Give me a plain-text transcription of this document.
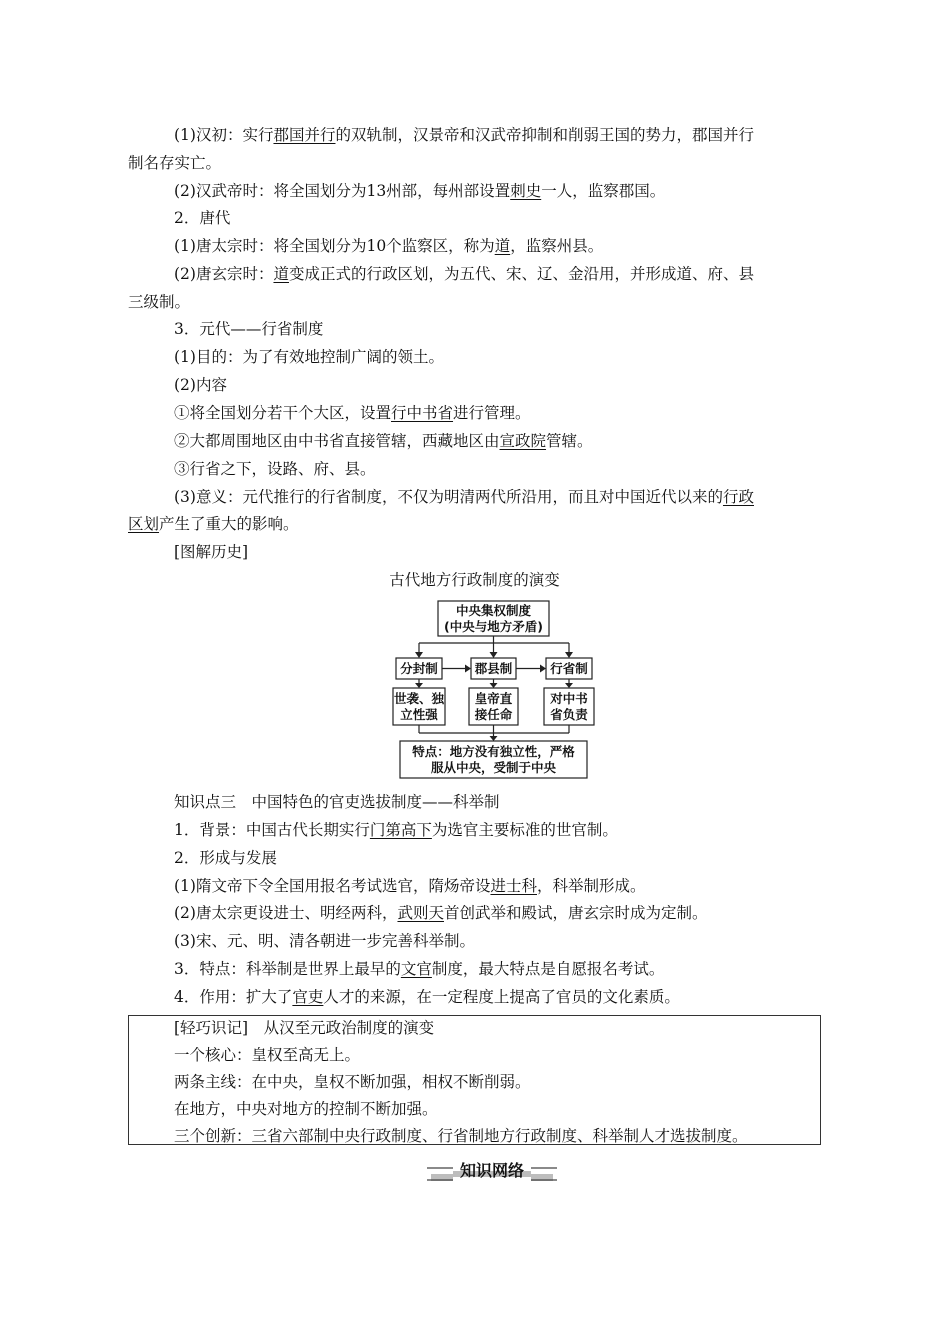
(1)汉初：实行郡国并行的双轨制，汉景帝和汉武帝抑制和削弱王国的势力，郡国并行
制名存实亡。
(2)汉武帝时：将全国划分为13州部，每州部设置刺史一人，监察郡国。
2．唐代
(1)唐太宗时：将全国划分为10个监察区，称为道，监察州县。
(2)唐玄宗时：道变成正式的行政区划，为五代、宋、辽、金沿用，并形成道、府、县
三级制。
3．元代——行省制度
(1)目的：为了有效地控制广阔的领土。
(2)内容
①将全国划分若干个大区，设置行中书省进行管理。
②大都周围地区由中书省直接管辖，西藏地区由宣政院管辖。
③行省之下，设路、府、县。
(3)意义：元代推行的行省制度，不仅为明清两代所沿用，而且对中国近代以来的行政
区划产生了重大的影响。
[图解历史]
古代地方行政制度的演变
中央集权制度
(中央与地方矛盾)
分封制	郡县制	行省制
世袭、独
立性强
皇帝直
接任命
对中书
省负责
特点：地方没有独立性，严格
服从中央，受制于中央
知识点三　中国特色的官吏选拔制度——科举制
1．背景：中国古代长期实行门第高下为选官主要标准的世官制。
2．形成与发展
(1)隋文帝下令全国用报名考试选官，隋炀帝设进士科，科举制形成。
(2)唐太宗更设进士、明经两科，武则天首创武举和殿试，唐玄宗时成为定制。
(3)宋、元、明、清各朝进一步完善科举制。
3．特点：科举制是世界上最早的文官制度，最大特点是自愿报名考试。
4．作用：扩大了官吏人才的来源，在一定程度上提高了官员的文化素质。
[轻巧识记]　从汉至元政治制度的演变
一个核心：皇权至高无上。
两条主线：在中央，皇权不断加强，相权不断削弱。
在地方，中央对地方的控制不断加强。
三个创新：三省六部制中央行政制度、行省制地方行政制度、科举制人才选拔制度。
知识网络
